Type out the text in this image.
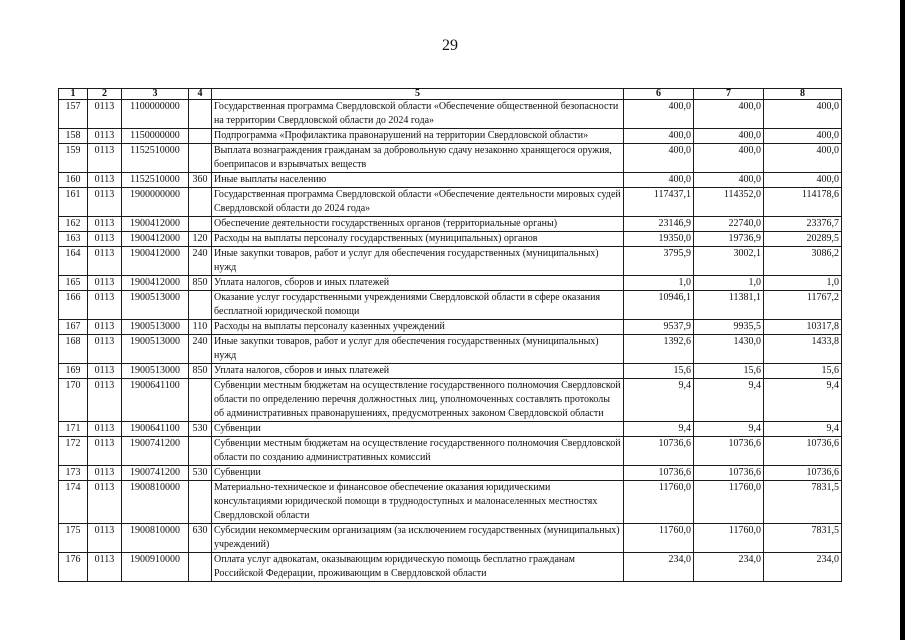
29
1	2	3	4	5	6	7	8
157	0113	1100000000		Государственная программа Свердловской области «Обеспечение общественной безопасности на территории Свердловской области до 2024 года»	400,0	400,0	400,0
158	0113	1150000000		Подпрограмма «Профилактика правонарушений на территории Свердловской области»	400,0	400,0	400,0
159	0113	1152510000		Выплата вознаграждения гражданам за добровольную сдачу незаконно хранящегося оружия, боеприпасов и взрывчатых веществ	400,0	400,0	400,0
160	0113	1152510000	360	Иные выплаты населению	400,0	400,0	400,0
161	0113	1900000000		Государственная программа Свердловской области «Обеспечение деятельности мировых судей Свердловской области до 2024 года»	117437,1	114352,0	114178,6
162	0113	1900412000		Обеспечение деятельности государственных органов (территориальные органы)	23146,9	22740,0	23376,7
163	0113	1900412000	120	Расходы на выплаты персоналу государственных (муниципальных) органов	19350,0	19736,9	20289,5
164	0113	1900412000	240	Иные закупки товаров, работ и услуг для обеспечения государственных (муниципальных) нужд	3795,9	3002,1	3086,2
165	0113	1900412000	850	Уплата налогов, сборов и иных платежей	1,0	1,0	1,0
166	0113	1900513000		Оказание услуг государственными учреждениями Свердловской области в сфере оказания бесплатной юридической помощи	10946,1	11381,1	11767,2
167	0113	1900513000	110	Расходы на выплаты персоналу казенных учреждений	9537,9	9935,5	10317,8
168	0113	1900513000	240	Иные закупки товаров, работ и услуг для обеспечения государственных (муниципальных) нужд	1392,6	1430,0	1433,8
169	0113	1900513000	850	Уплата налогов, сборов и иных платежей	15,6	15,6	15,6
170	0113	1900641100		Субвенции местным бюджетам на осуществление государственного полномочия Свердловской области по определению перечня должностных лиц, уполномоченных составлять протоколы об административных правонарушениях, предусмотренных законом Свердловской области	9,4	9,4	9,4
171	0113	1900641100	530	Субвенции	9,4	9,4	9,4
172	0113	1900741200		Субвенции местным бюджетам на осуществление государственного полномочия Свердловской области по созданию административных комиссий	10736,6	10736,6	10736,6
173	0113	1900741200	530	Субвенции	10736,6	10736,6	10736,6
174	0113	1900810000		Материально-техническое и финансовое обеспечение оказания юридическими консультациями юридической помощи в труднодоступных и малонаселенных местностях Свердловской области	11760,0	11760,0	7831,5
175	0113	1900810000	630	Субсидии некоммерческим организациям (за исключением государственных (муниципальных) учреждений)	11760,0	11760,0	7831,5
176	0113	1900910000		Оплата услуг адвокатам, оказывающим юридическую помощь бесплатно гражданам Российской Федерации, проживающим в Свердловской области	234,0	234,0	234,0
